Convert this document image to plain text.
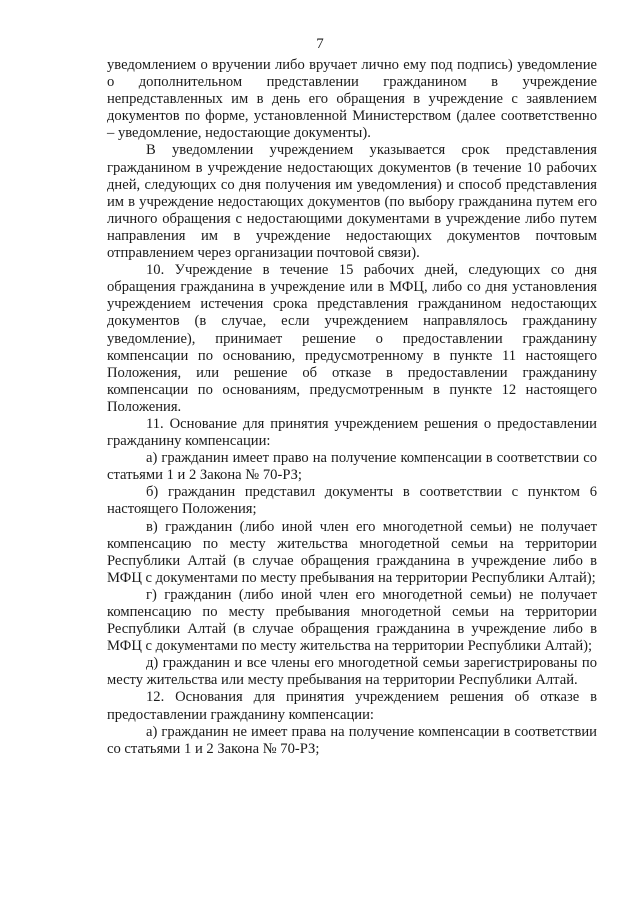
7

уведомлением о вручении либо вручает лично ему под подпись) уведомление о дополнительном представлении гражданином в учреждение непредставленных им в день его обращения в учреждение с заявлением документов по форме, установленной Министерством (далее соответственно – уведомление, недостающие документы).

В уведомлении учреждением указывается срок представления гражданином в учреждение недостающих документов (в течение 10 рабочих дней, следующих со дня получения им уведомления) и способ представления им в учреждение недостающих документов (по выбору гражданина путем его личного обращения с недостающими документами в учреждение либо путем направления им в учреждение недостающих документов почтовым отправлением через организации почтовой связи).

10. Учреждение в течение 15 рабочих дней, следующих со дня обращения гражданина в учреждение или в МФЦ, либо со дня установления учреждением истечения срока представления гражданином недостающих документов (в случае, если учреждением направлялось гражданину уведомление), принимает решение о предоставлении гражданину компенсации по основанию, предусмотренному в пункте 11 настоящего Положения, или решение об отказе в предоставлении гражданину компенсации по основаниям, предусмотренным в пункте 12 настоящего Положения.

11. Основание для принятия учреждением решения о предоставлении гражданину компенсации:

а) гражданин имеет право на получение компенсации в соответствии со статьями 1 и 2 Закона № 70-РЗ;

б) гражданин представил документы в соответствии с пунктом 6 настоящего Положения;

в) гражданин (либо иной член его многодетной семьи) не получает компенсацию по месту жительства многодетной семьи на территории Республики Алтай (в случае обращения гражданина в учреждение либо в МФЦ с документами по месту пребывания на территории Республики Алтай);

г) гражданин (либо иной член его многодетной семьи) не получает компенсацию по месту пребывания многодетной семьи на территории Республики Алтай (в случае обращения гражданина в учреждение либо в МФЦ с документами по месту жительства на территории Республики Алтай);

д) гражданин и все члены его многодетной семьи зарегистрированы по месту жительства или месту пребывания на территории Республики Алтай.

12. Основания для принятия учреждением решения об отказе в предоставлении гражданину компенсации:

а) гражданин не имеет права на получение компенсации в соответствии со статьями 1 и 2 Закона № 70-РЗ;
